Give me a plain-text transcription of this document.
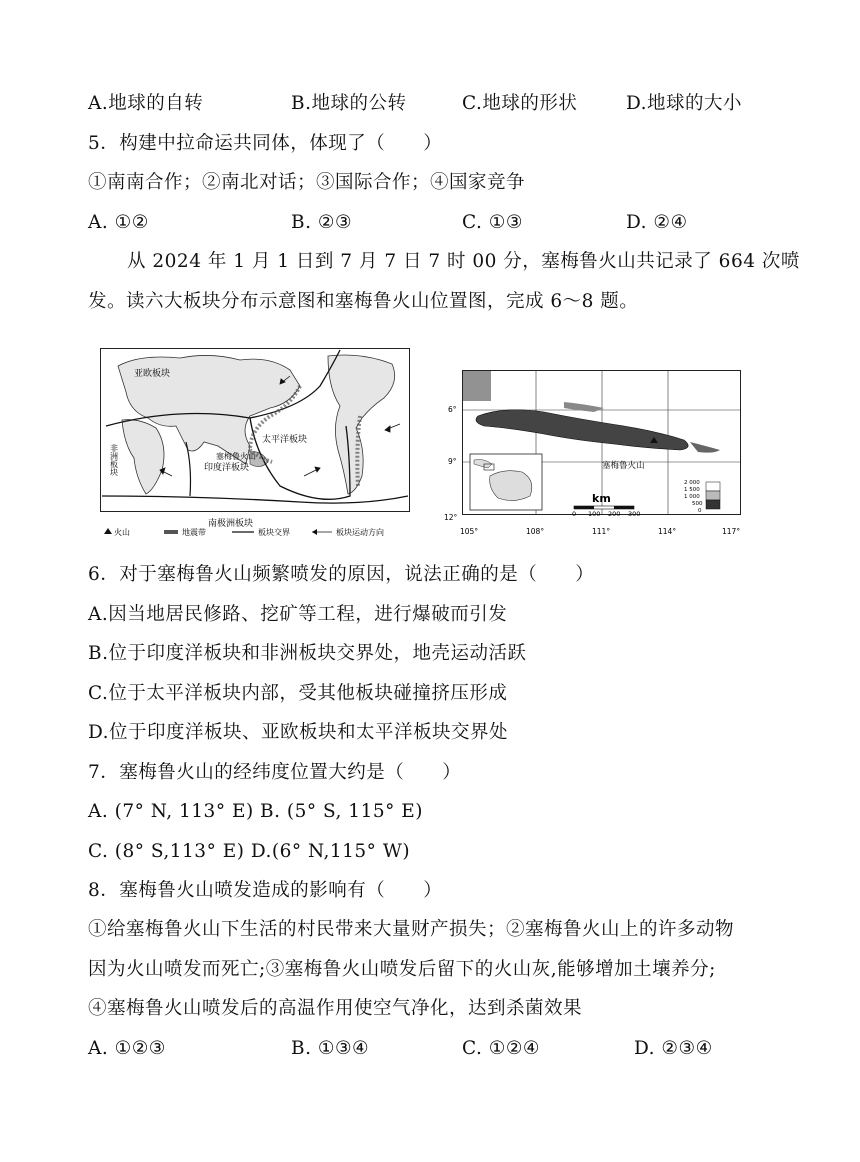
A.地球的自转	B.地球的公转	C.地球的形状	D.地球的大小
5．构建中拉命运共同体，体现了（　　）
①南南合作；②南北对话；③国际合作；④国家竞争
A. ①②	B. ②③	C. ①③	D. ②④
从 2024 年 1 月 1 日到 7 月 7 日 7 时 00 分，塞梅鲁火山共记录了 664 次喷
发。读六大板块分布示意图和塞梅鲁火山位置图，完成 6～8 题。
亚欧板块
非洲板块
太平洋板块
印度洋板块
塞梅鲁火山
南极洲板块
火山	地震带	板块交界	板块运动方向
塞梅鲁火山
km
0 100 200 300
2 000
1 500
1 000
500
0
6°
9°
12°
105°	108°	111°	114°	117°
6．对于塞梅鲁火山频繁喷发的原因，说法正确的是（　　）
A.因当地居民修路、挖矿等工程，进行爆破而引发
B.位于印度洋板块和非洲板块交界处，地壳运动活跃
C.位于太平洋板块内部，受其他板块碰撞挤压形成
D.位于印度洋板块、亚欧板块和太平洋板块交界处
7．塞梅鲁火山的经纬度位置大约是（　　）
A. (7° N, 113° E) B. (5° S, 115° E)
C. (8° S,113° E) D.(6° N,115° W)
8．塞梅鲁火山喷发造成的影响有（　　）
①给塞梅鲁火山下生活的村民带来大量财产损失；②塞梅鲁火山上的许多动物
因为火山喷发而死亡;③塞梅鲁火山喷发后留下的火山灰,能够增加土壤养分;
④塞梅鲁火山喷发后的高温作用使空气净化，达到杀菌效果
A. ①②③	B. ①③④	C. ①②④	D. ②③④
